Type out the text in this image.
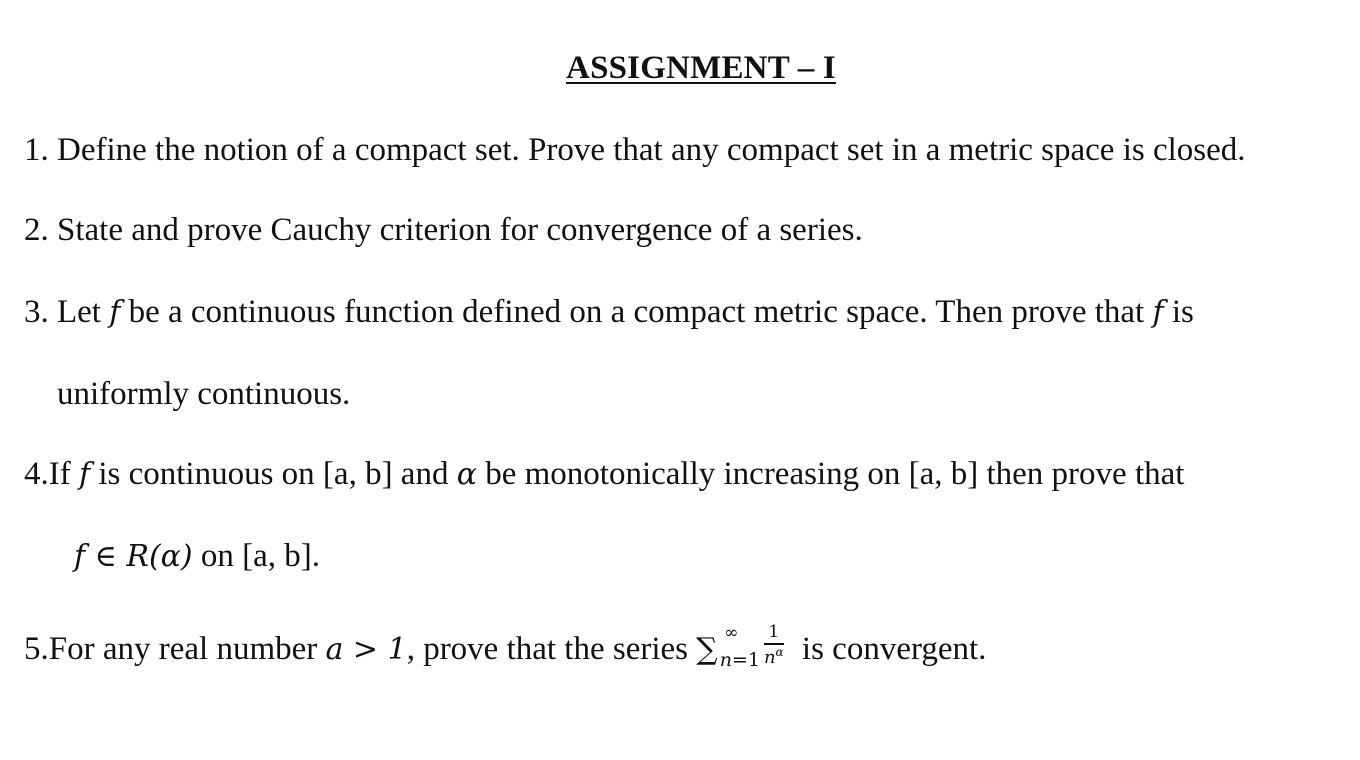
ASSIGNMENT – I
1. Define the notion of a compact set. Prove that any compact set in a metric space is closed.
2. State and prove Cauchy criterion for convergence of a series.
3. Let f be a continuous function defined on a compact metric space. Then prove that f is
uniformly continuous.
4.If f is continuous on [a, b] and α be monotonically increasing on [a, b] then prove that
f ∈ R(α) on [a, b].
5.For any real number a > 1, prove that the series ∑ ∞
$_{n=1} \frac{1}{n^\alpha}$ is convergent.
